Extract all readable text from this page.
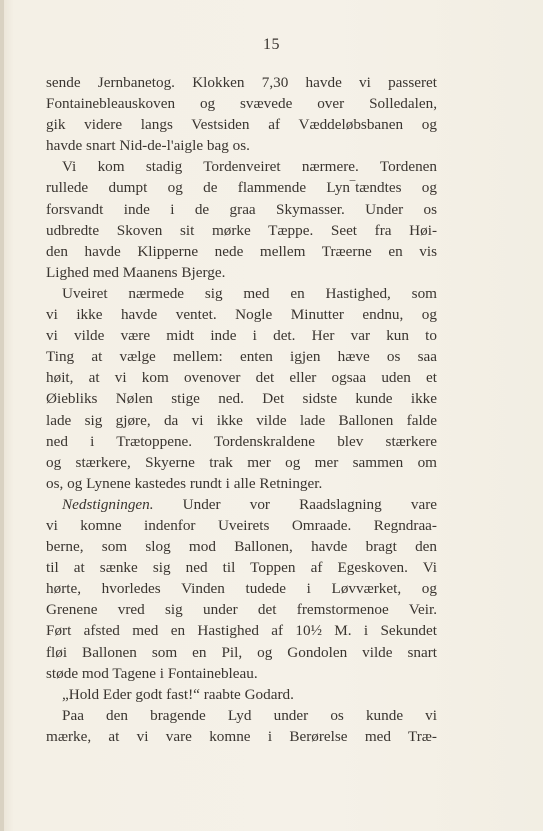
15
sende Jernbanetog. Klokken 7,30 havde vi passeret
Fontainebleauskoven og svævede over Solledalen,
gik videre langs Vestsiden af Væddeløbsbanen og
havde snart Nid-de-l'aigle bag os.
Vi kom stadig Tordenveiret nærmere. Tordenen
rullede dumpt og de flammende Lyn‾tændtes og
forsvandt inde i de graa Skymasser. Under os
udbredte Skoven sit mørke Tæppe. Seet fra Høi-
den havde Klipperne nede mellem Træerne en vis
Lighed med Maanens Bjerge.
Uveiret nærmede sig med en Hastighed, som
vi ikke havde ventet. Nogle Minutter endnu, og
vi vilde være midt inde i det. Her var kun to
Ting at vælge mellem: enten igjen hæve os saa
høit, at vi kom ovenover det eller ogsaa uden et
Øiebliks Nølen stige ned. Det sidste kunde ikke
lade sig gjøre, da vi ikke vilde lade Ballonen falde
ned i Trætoppene. Tordenskraldene blev stærkere
og stærkere, Skyerne trak mer og mer sammen om
os, og Lynene kastedes rundt i alle Retninger.
Nedstigningen. Under vor Raadslagning vare
vi komne indenfor Uveirets Omraade. Regndraa-
berne, som slog mod Ballonen, havde bragt den
til at sænke sig ned til Toppen af Egeskoven. Vi
hørte, hvorledes Vinden tudede i Løvværket, og
Grenene vred sig under det fremstormenoe Veir.
Ført afsted med en Hastighed af 10½ M. i Sekundet
fløi Ballonen som en Pil, og Gondolen vilde snart
støde mod Tagene i Fontainebleau.
„Hold Eder godt fast!“ raabte Godard.
Paa den bragende Lyd under os kunde vi
mærke, at vi vare komne i Berørelse med Træ-
